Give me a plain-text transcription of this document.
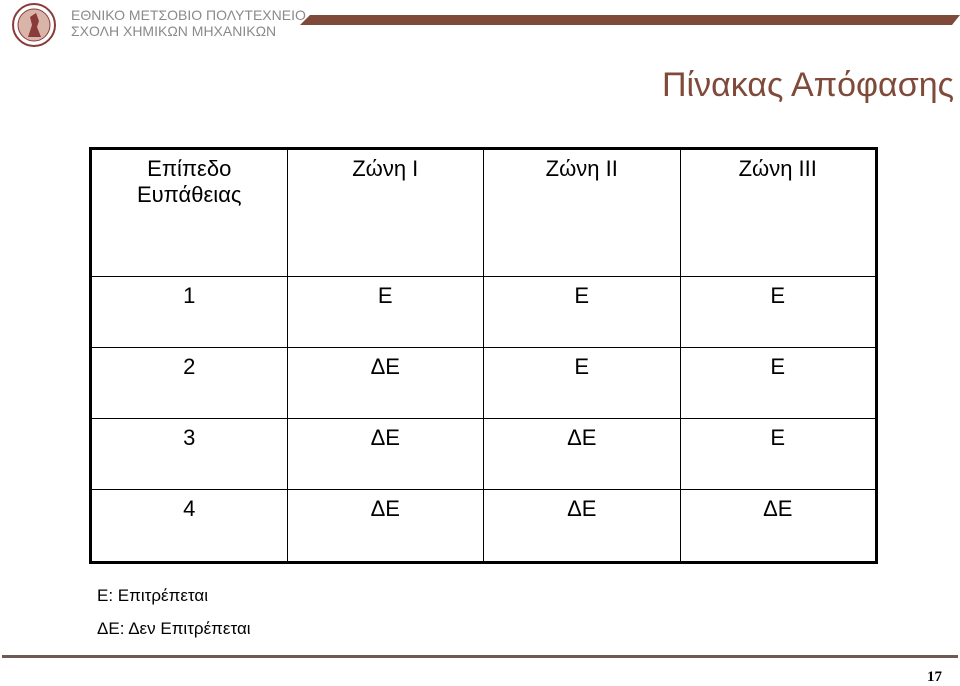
ΕΘΝΙΚΟ ΜΕΤΣΟΒΙΟ ΠΟΛΥΤΕΧΝΕΙΟ
ΣΧΟΛΗ ΧΗΜΙΚΩΝ ΜΗΧΑΝΙΚΩΝ
Πίνακας Απόφασης
Επίπεδο Ευπάθειας	Ζώνη I	Ζώνη II	Ζώνη III
1	Ε	Ε	Ε
2	ΔΕ	Ε	Ε
3	ΔΕ	ΔΕ	Ε
4	ΔΕ	ΔΕ	ΔΕ
Ε: Επιτρέπεται
ΔΕ: Δεν Επιτρέπεται
17
